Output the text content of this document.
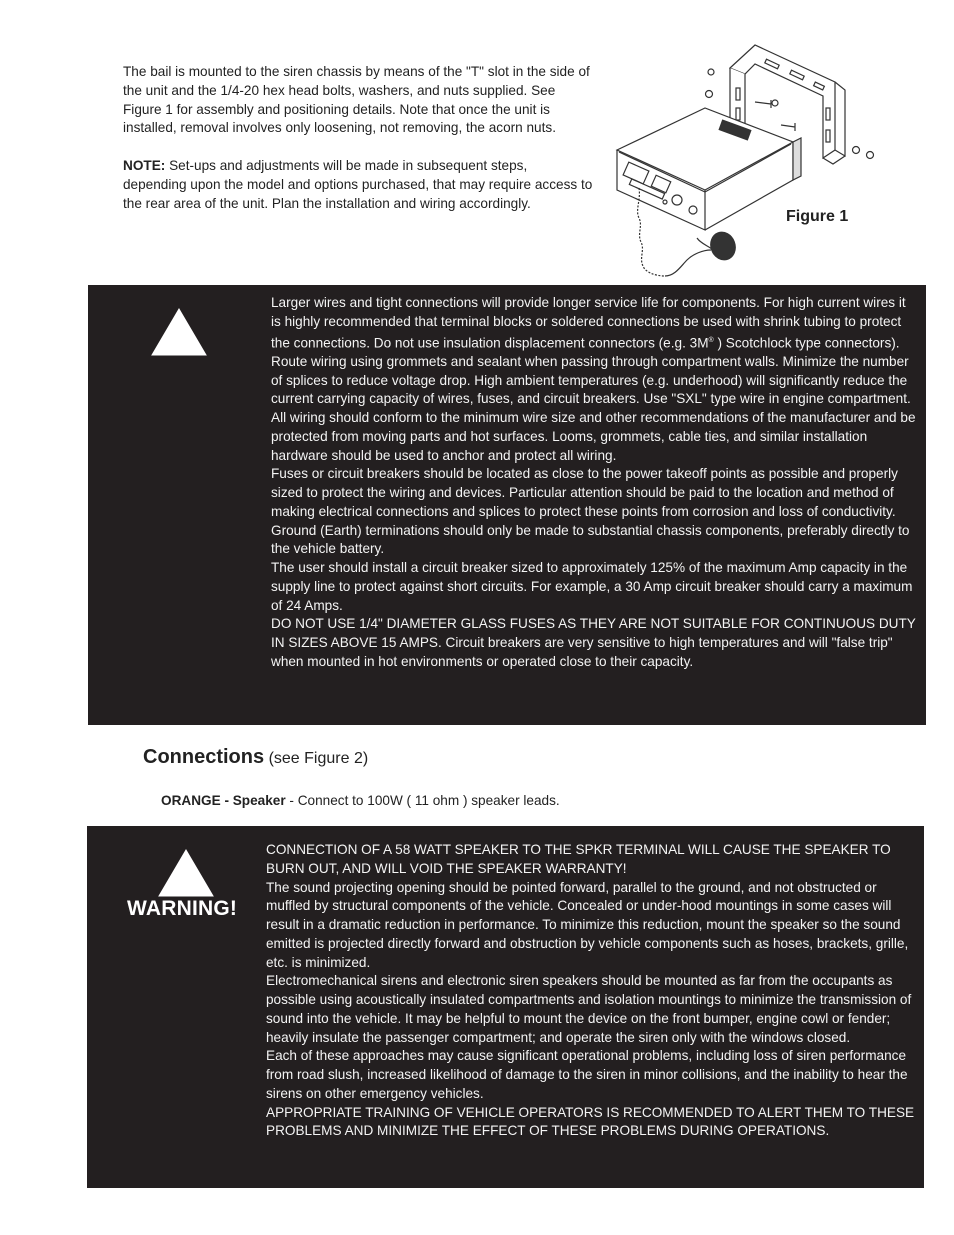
The bail is mounted to the siren chassis by means of the "T" slot in the side of the unit and the 1/4-20 hex head bolts, washers, and nuts supplied. See Figure 1 for assembly and positioning details. Note that once the unit is installed, removal involves only loosening, not removing, the acorn nuts.

NOTE: Set-ups and adjustments will be made in subsequent steps, depending upon the model and options purchased, that may require access to the rear area of the unit. Plan the installation and wiring accordingly.

Figure 1

Larger wires and tight connections will provide longer service life for components. For high current wires it is highly recommended that terminal blocks or soldered connections be used with shrink tubing to protect the connections. Do not use insulation displacement connectors (e.g. 3M® ) Scotchlock type connectors). Route wiring using grommets and sealant when passing through compartment walls. Minimize the number of splices to reduce voltage drop. High ambient temperatures (e.g. underhood) will significantly reduce the current carrying capacity of wires, fuses, and circuit breakers. Use "SXL" type wire in engine compartment.

All wiring should conform to the minimum wire size and other recommendations of the manufacturer and be protected from moving parts and hot surfaces. Looms, grommets, cable ties, and similar installation hardware should be used to anchor and protect all wiring.

Fuses or circuit breakers should be located as close to the power takeoff points as possible and properly sized to protect the wiring and devices. Particular attention should be paid to the location and method of making electrical connections and splices to protect these points from corrosion and loss of conductivity. Ground (Earth) terminations should only be made to substantial chassis components, preferably directly to the vehicle battery.

The user should install a circuit breaker sized to approximately 125% of the maximum Amp capacity in the supply line to protect against short circuits. For example, a 30 Amp circuit breaker should carry a maximum of 24 Amps.

DO NOT USE 1/4" DIAMETER GLASS FUSES AS THEY ARE NOT SUITABLE FOR CONTINUOUS DUTY IN SIZES ABOVE 15 AMPS. Circuit breakers are very sensitive to high temperatures and will "false trip" when mounted in hot environments or operated close to their capacity.

Connections (see Figure 2)
ORANGE - Speaker - Connect to 100W ( 11 ohm ) speaker leads.
WARNING!

CONNECTION OF A 58 WATT SPEAKER TO THE SPKR TERMINAL WILL CAUSE THE SPEAKER TO BURN OUT, AND WILL VOID THE SPEAKER WARRANTY!

The sound projecting opening should be pointed forward, parallel to the ground, and not obstructed or muffled by structural components of the vehicle. Concealed or under-hood mountings in some cases will result in a dramatic reduction in performance. To minimize this reduction, mount the speaker so the sound emitted is projected directly forward and obstruction by vehicle components such as hoses, brackets, grille, etc. is minimized.

Electromechanical sirens and electronic siren speakers should be mounted as far from the occupants as possible using acoustically insulated compartments and isolation mountings to minimize the transmission of sound into the vehicle. It may be helpful to mount the device on the front bumper, engine cowl or fender; heavily insulate the passenger compartment; and operate the siren only with the windows closed.

Each of these approaches may cause significant operational problems, including loss of siren performance from road slush, increased likelihood of damage to the siren in minor collisions, and the inability to hear the sirens on other emergency vehicles.

APPROPRIATE TRAINING OF VEHICLE OPERATORS IS RECOMMENDED TO ALERT THEM TO THESE PROBLEMS AND MINIMIZE THE EFFECT OF THESE PROBLEMS DURING OPERATIONS.
